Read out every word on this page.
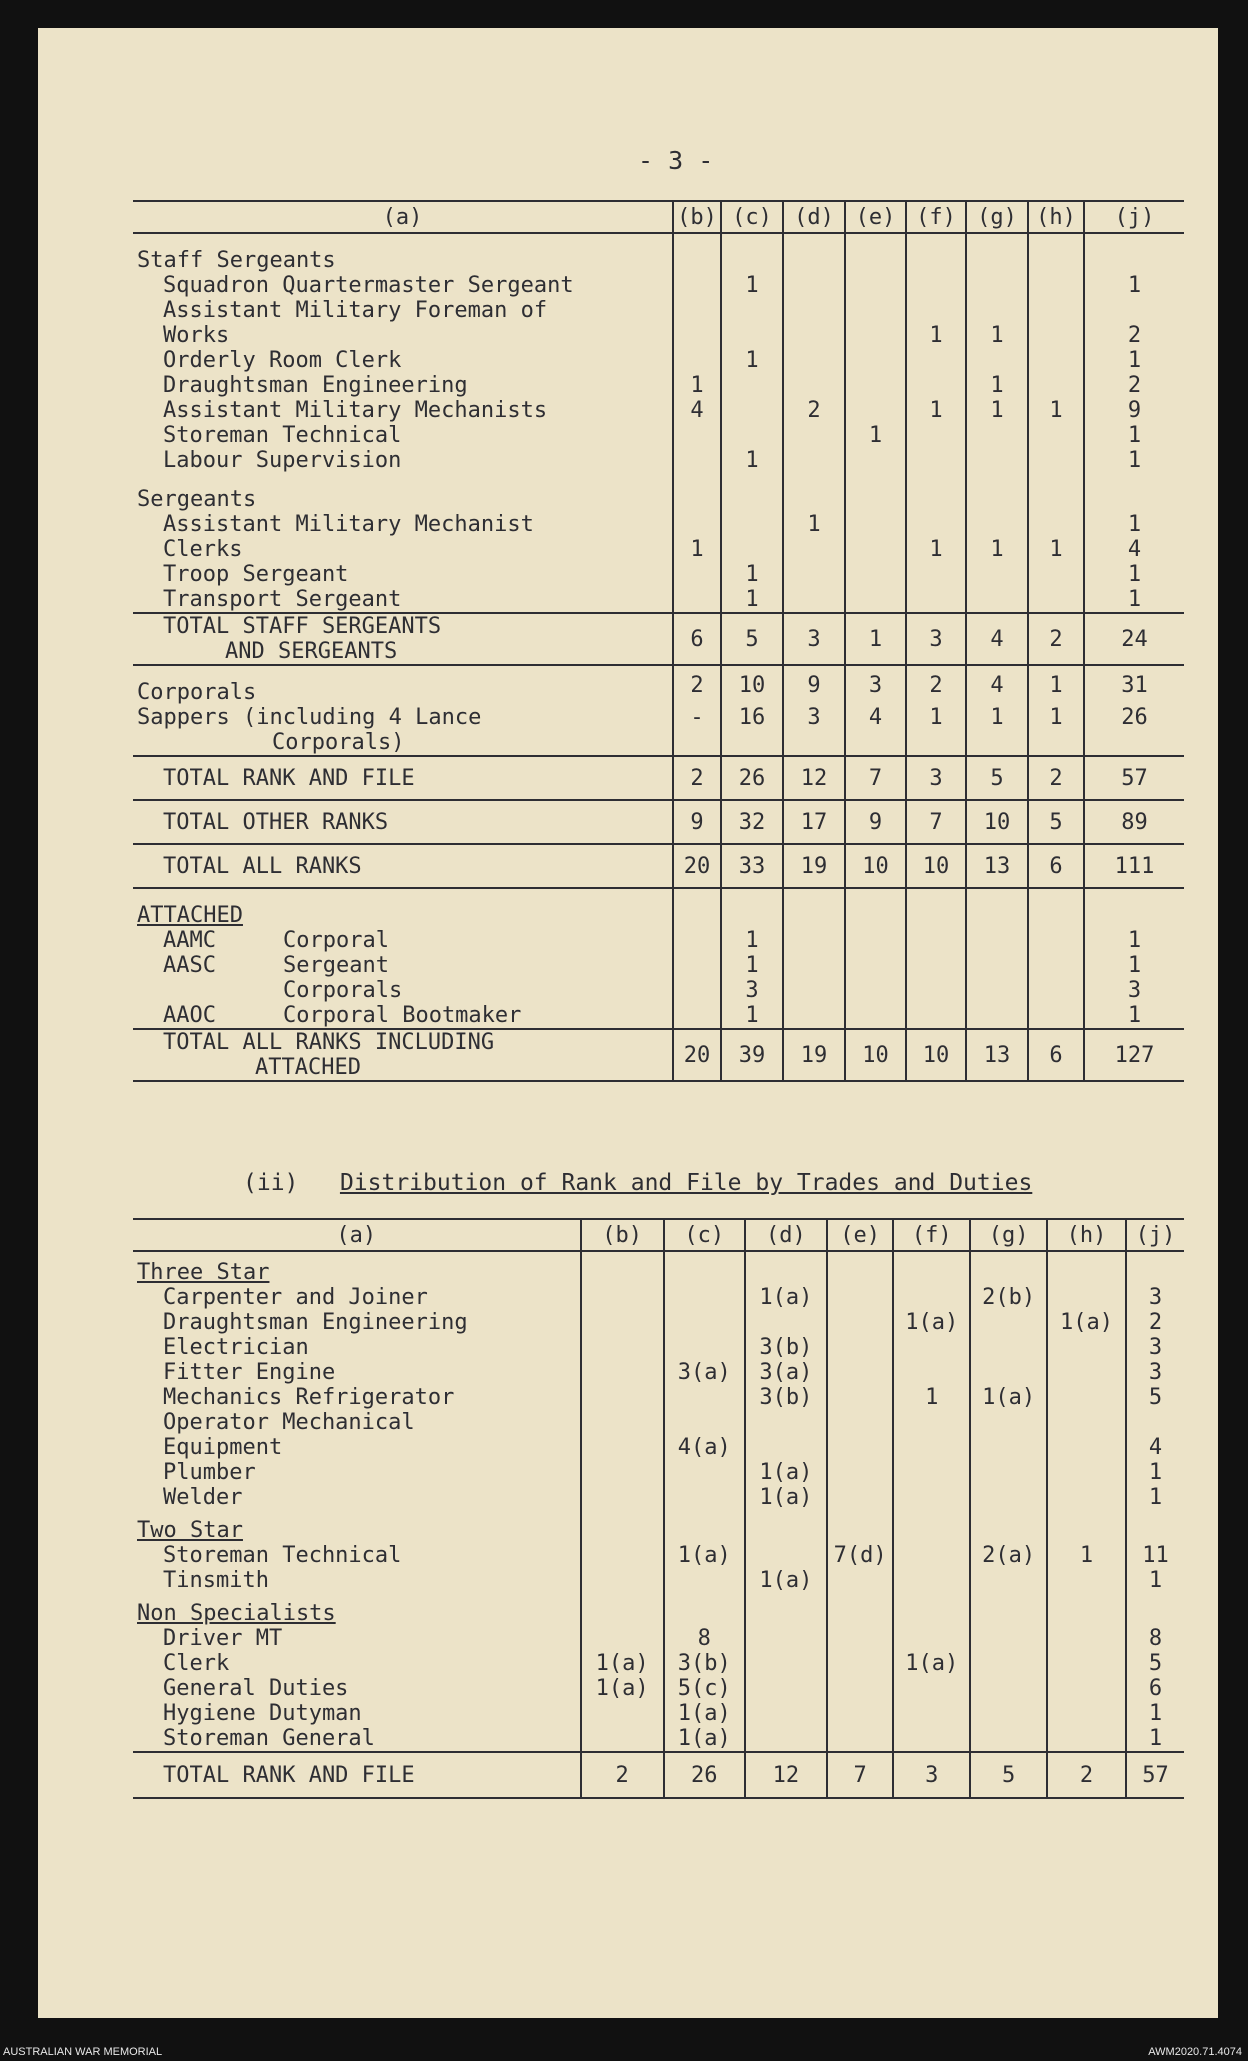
- 3 -
(a)	(b)	(c)	(d)	(e)	(f)	(g)	(h)	(j)
Staff Sergeants								
Squadron Quartermaster Sergeant		1						1
Assistant Military Foreman of								
Works					1	1		2
Orderly Room Clerk		1						1
Draughtsman Engineering	1					1		2
Assistant Military Mechanists	4		2		1	1	1	9
Storeman Technical				1				1
Labour Supervision		1						1
Sergeants								
Assistant Military Mechanist			1					1
Clerks	1				1	1	1	4
Troop Sergeant		1						1
Transport Sergeant		1						1
TOTAL STAFF SERGEANTS
AND SERGEANTS	6	5	3	1	3	4	2	24
Corporals	2	10	9	3	2	4	1	31
Sappers (including 4 Lance
Corporals)	-	16	3	4	1	1	1	26
TOTAL RANK AND FILE	2	26	12	7	3	5	2	57
TOTAL OTHER RANKS	9	32	17	9	7	10	5	89
TOTAL ALL RANKS	20	33	19	10	10	13	6	111
ATTACHED								
AAMC Corporal		1						1
AASC Sergeant		1						1
Corporals		3						3
AAOC Corporal Bootmaker		1						1
TOTAL ALL RANKS INCLUDING
ATTACHED	20	39	19	10	10	13	6	127
(ii) Distribution of Rank and File by Trades and Duties
(a)	(b)	(c)	(d)	(e)	(f)	(g)	(h)	(j)
Three Star								
Carpenter and Joiner			1(a)			2(b)		3
Draughtsman Engineering					1(a)		1(a)	2
Electrician			3(b)					3
Fitter Engine		3(a)	3(a)					3
Mechanics Refrigerator			3(b)		1	1(a)		5
Operator Mechanical								
Equipment		4(a)						4
Plumber			1(a)					1
Welder			1(a)					1
Two Star								
Storeman Technical		1(a)		7(d)		2(a)	1	11
Tinsmith			1(a)					1
Non Specialists								
Driver MT		8						8
Clerk	1(a)	3(b)			1(a)			5
General Duties	1(a)	5(c)						6
Hygiene Dutyman		1(a)						1
Storeman General		1(a)						1
TOTAL RANK AND FILE	2	26	12	7	3	5	2	57
AUSTRALIAN WAR MEMORIAL	AWM2020.71.4074
